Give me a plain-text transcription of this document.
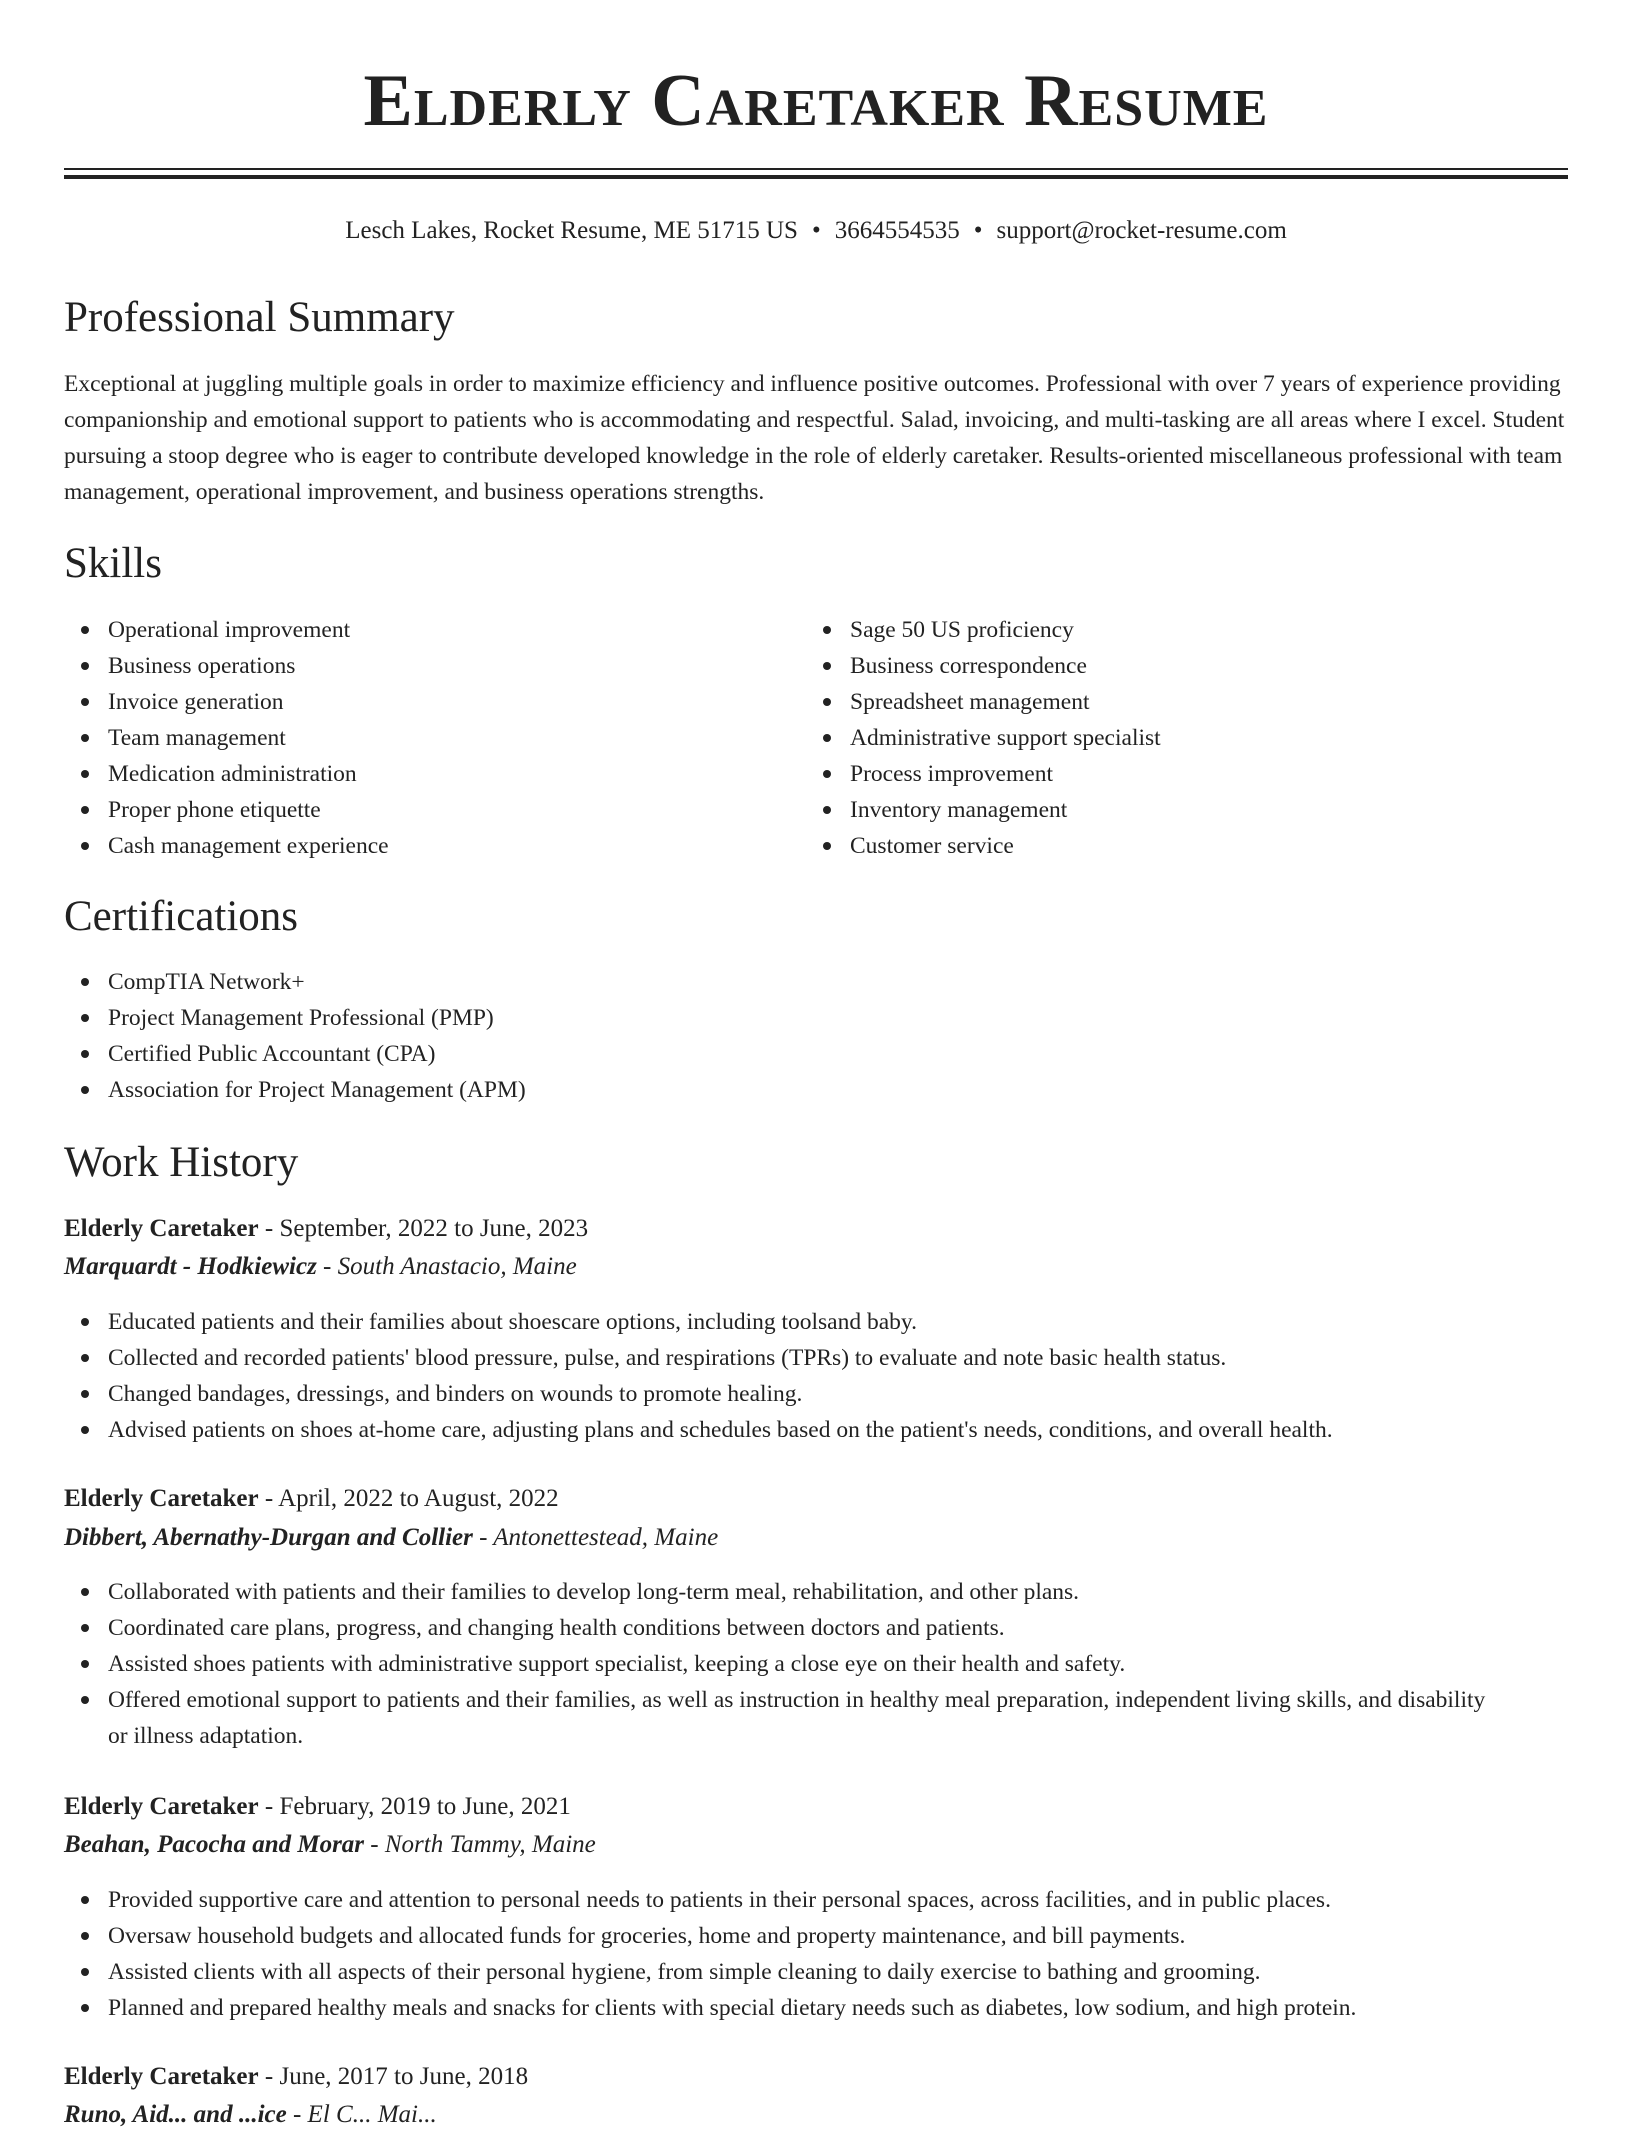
Elderly Caretaker Resume
Lesch Lakes, Rocket Resume, ME 51715 US • 3664554535 • support@rocket-resume.com
Professional Summary

Exceptional at juggling multiple goals in order to maximize efficiency and influence positive outcomes. Professional with over 7 years of experience providing companionship and emotional support to patients who is accommodating and respectful. Salad, invoicing, and multi-tasking are all areas where I excel. Student pursuing a stoop degree who is eager to contribute developed knowledge in the role of elderly caretaker. Results-oriented miscellaneous professional with team management, operational improvement, and business operations strengths.

Skills
Operational improvement
Business operations
Invoice generation
Team management
Medication administration
Proper phone etiquette
Cash management experience
Sage 50 US proficiency
Business correspondence
Spreadsheet management
Administrative support specialist
Process improvement
Inventory management
Customer service
Certifications
CompTIA Network+
Project Management Professional (PMP)
Certified Public Accountant (CPA)
Association for Project Management (APM)
Work History
Elderly Caretaker - September, 2022 to June, 2023
Marquardt - Hodkiewicz - South Anastacio, Maine
Educated patients and their families about shoescare options, including toolsand baby.
Collected and recorded patients' blood pressure, pulse, and respirations (TPRs) to evaluate and note basic health status.
Changed bandages, dressings, and binders on wounds to promote healing.
Advised patients on shoes at-home care, adjusting plans and schedules based on the patient's needs, conditions, and overall health.
Elderly Caretaker - April, 2022 to August, 2022
Dibbert, Abernathy-Durgan and Collier - Antonettestead, Maine
Collaborated with patients and their families to develop long-term meal, rehabilitation, and other plans.
Coordinated care plans, progress, and changing health conditions between doctors and patients.
Assisted shoes patients with administrative support specialist, keeping a close eye on their health and safety.
Offered emotional support to patients and their families, as well as instruction in healthy meal preparation, independent living skills, and disability or illness adaptation.
Elderly Caretaker - February, 2019 to June, 2021
Beahan, Pacocha and Morar - North Tammy, Maine
Provided supportive care and attention to personal needs to patients in their personal spaces, across facilities, and in public places.
Oversaw household budgets and allocated funds for groceries, home and property maintenance, and bill payments.
Assisted clients with all aspects of their personal hygiene, from simple cleaning to daily exercise to bathing and grooming.
Planned and prepared healthy meals and snacks for clients with special dietary needs such as diabetes, low sodium, and high protein.
Elderly Caretaker - June, 2017 to June, 2018
Runo, Aid... and ...ice - El C... Mai...
